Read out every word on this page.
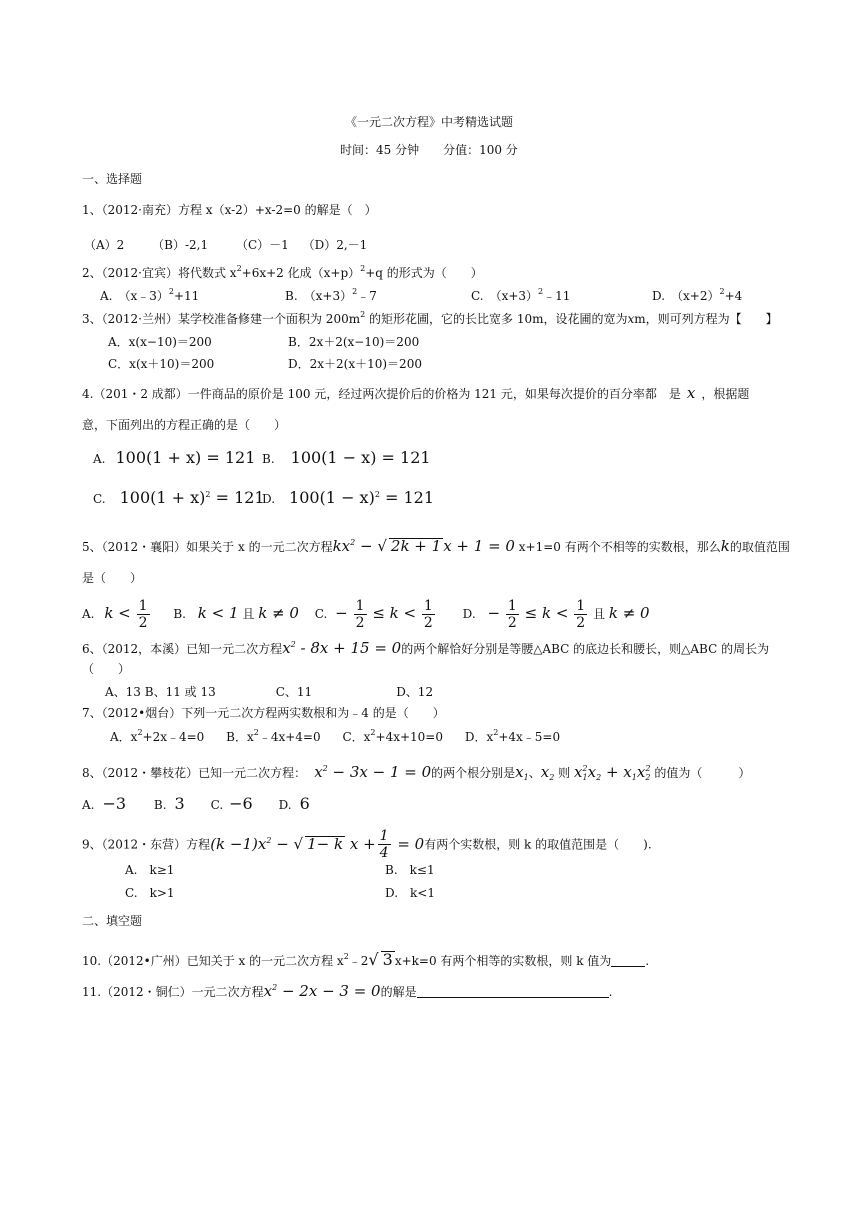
《一元二次方程》中考精选试题
时间：45 分钟　　分值：100 分
一、选择题
1、（2012·南充）方程 x（x-2）+x-2=0 的解是（　）
（A）2 （B）-2,1 （C）－1 （D）2,－1
2、（2012·宜宾）将代数式 $x^2+6x+2$ 化成$(x+p)^2+q$ 的形式为（　　）
A.　（x﹣3）$^2$+11	B.　$(x+3)^2﹣7$	C.　$(x+3)^2﹣11$	D.　$(x+2)^2+4$
3、（2012·兰州）某学校准备修建一个面积为 $200m^2$ 的矩形花圃，它的长比宽多 10m，设花圃的宽为xm，则可列方程为【　　】
A．x(x−10)＝200	B．2x＋2(x−10)＝200
C．x(x＋10)＝200	D．2x＋2(x＋10)＝200
4.（201・2 成都）一件商品的原价是 100 元，经过两次提价后的价格为 121 元，如果每次提价的百分率都　是 x ，根据题
意，下面列出的方程正确的是（　　）
A. 100(1 + x) = 121 B. 100(1 − x) = 121
C. $100(1 + x)^2 = 121$
D. $100(1 - x)^2 = 121$
5、（2012・襄阳）如果关于 x 的一元二次方程$kx^2$ − √ 2k + 1 x + 1 = 0 x+1=0 有两个不相等的实数根，那么k的取值范围
是（　　）
A. $k < \frac{1}{2} B$. k < 1 且 k ≠ 0 C. − $\frac{1}{2} \le k < \frac{1}{2} D$. − $\frac{1}{2} \le k < \frac{1}{2}$ 且 k ≠ 0
6、（2012，本溪）已知一元二次方程$x^2 - 8x + 15 = 0$的两个解恰好分别是等腰△ABC 的底边长和腰长，则△ABC 的周长为
（　　）
A、13 B、11 或 13　　　　　C、11　　　　　　　D、12
7、（2012•烟台）下列一元二次方程两实数根和为﹣4 的是（　　）
A．$x^2+2x﹣4=0$ B．$x^2﹣4x+4=0$ C．$x^2+4x+10=0$ D．$x^2+4x﹣5=0$
8、（2012・攀枝花）已知一元二次方程： $x^2 - 3x - 1 = 0$的两个根分别是$x_1$、$x_2$ 则 $x^2_1x_2 + x_1x^2_2$ 的值为（　　　）
A. −3 B. 3 C. −6 D. 6
9、（2012・东营）方程$(k -1)x^2$ − √ 1− k $x + \frac{1}{4} = 0$有两个实数根，则 k 的取值范围是（　　).
A.　k≥1	B.　k≤1
C.　k>1	D.　k<1
二、填空题
10.（2012•广州）已知关于 x 的一元二次方程 $x^2﹣2√$ 3 x+k=0 有两个相等的实数根，则 k 值为	.
11.（2012・铜仁）一元二次方程$x^2 - 2x - 3 = 0$的解是	.
